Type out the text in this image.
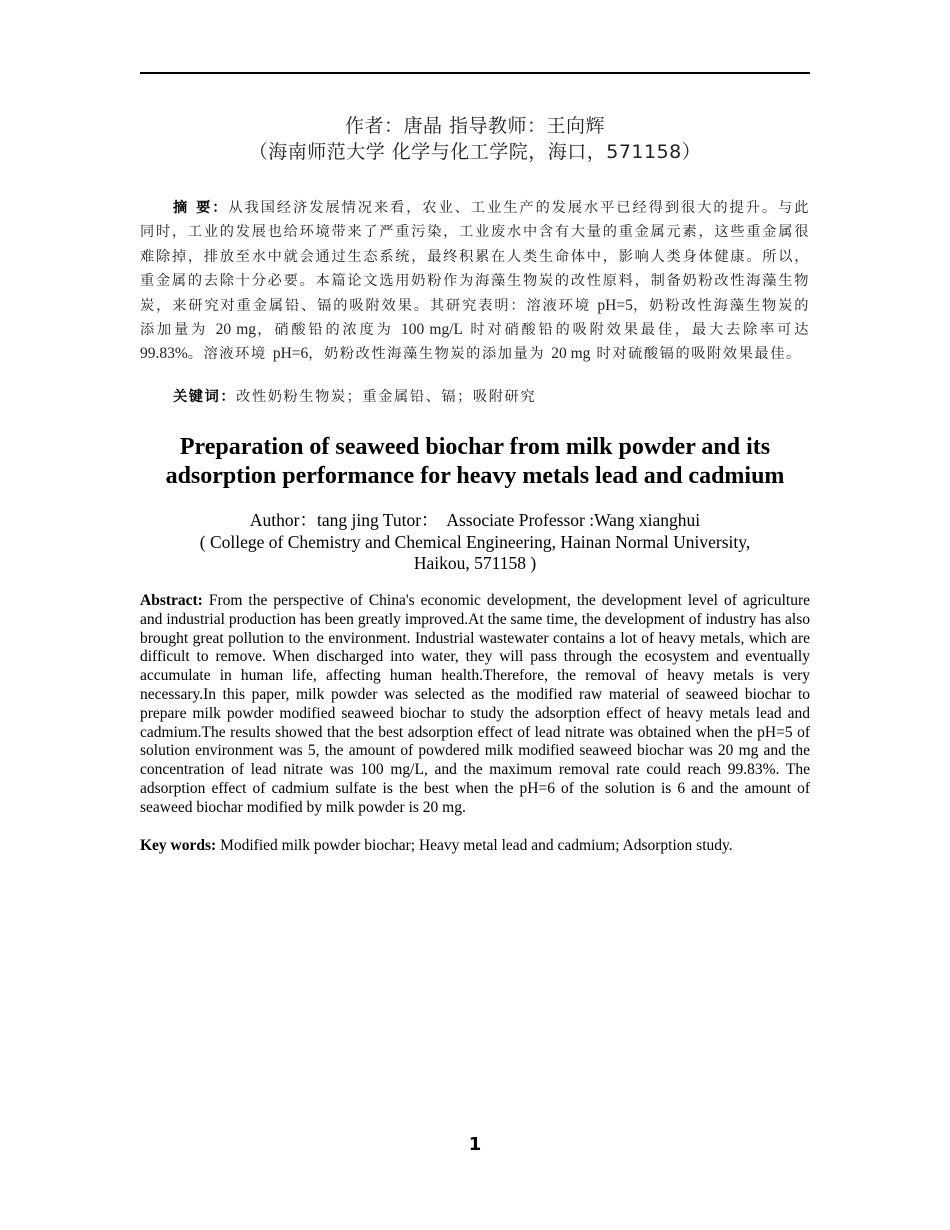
作者：唐晶 指导教师：王向辉
（海南师范大学 化学与化工学院，海口，571158）

摘 要：从我国经济发展情况来看，农业、工业生产的发展水平已经得到很大的提升。与此同时，工业的发展也给环境带来了严重污染，工业废水中含有大量的重金属元素，这些重金属很难除掉，排放至水中就会通过生态系统，最终积累在人类生命体中，影响人类身体健康。所以，重金属的去除十分必要。本篇论文选用奶粉作为海藻生物炭的改性原料，制备奶粉改性海藻生物炭，来研究对重金属铅、镉的吸附效果。其研究表明：溶液环境 pH=5，奶粉改性海藻生物炭的添加量为 20 mg，硝酸铅的浓度为 100 mg/L 时对硝酸铅的吸附效果最佳，最大去除率可达 99.83%。溶液环境 pH=6，奶粉改性海藻生物炭的添加量为 20 mg 时对硫酸镉的吸附效果最佳。

关键词：改性奶粉生物炭；重金属铅、镉；吸附研究
Preparation of seaweed biochar from milk powder and its
adsorption performance for heavy metals lead and cadmium
Author：tang jing Tutor：  Associate Professor :Wang xianghui
( College of Chemistry and Chemical Engineering, Hainan Normal University,
Haikou, 571158 )
Abstract: From the perspective of China's economic development, the development level of agriculture and industrial production has been greatly improved.At the same time, the development of industry has also brought great pollution to the environment. Industrial wastewater contains a lot of heavy metals, which are difficult to remove. When discharged into water, they will pass through the ecosystem and eventually accumulate in human life, affecting human health.Therefore, the removal of heavy metals is very necessary.In this paper, milk powder was selected as the modified raw material of seaweed biochar to prepare milk powder modified seaweed biochar to study the adsorption effect of heavy metals lead and cadmium.The results showed that the best adsorption effect of lead nitrate was obtained when the pH=5 of solution environment was 5, the amount of powdered milk modified seaweed biochar was 20 mg and the concentration of lead nitrate was 100 mg/L, and the maximum removal rate could reach 99.83%. The adsorption effect of cadmium sulfate is the best when the pH=6 of the solution is 6 and the amount of seaweed biochar modified by milk powder is 20 mg.
Key words: Modified milk powder biochar; Heavy metal lead and cadmium; Adsorption study.
1
